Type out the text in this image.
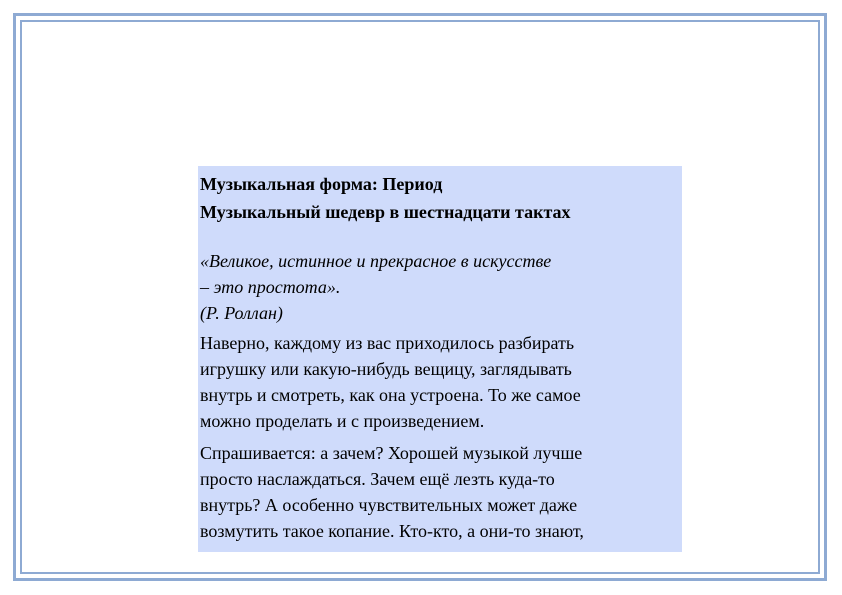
Музыкальная форма: Период

Музыкальный шедевр в шестнадцати тактах

«Великое, истинное и прекрасное в искусстве
– это простота».
(Р. Роллан)

Наверно, каждому из вас приходилось разбирать
игрушку или какую-нибудь вещицу, заглядывать
внутрь и смотреть, как она устроена. То же самое
можно проделать и с произведением.

Спрашивается: а зачем? Хорошей музыкой лучше
просто наслаждаться. Зачем ещё лезть куда-то
внутрь? А особенно чувствительных может даже
возмутить такое копание. Кто-кто, а они-то знают,
